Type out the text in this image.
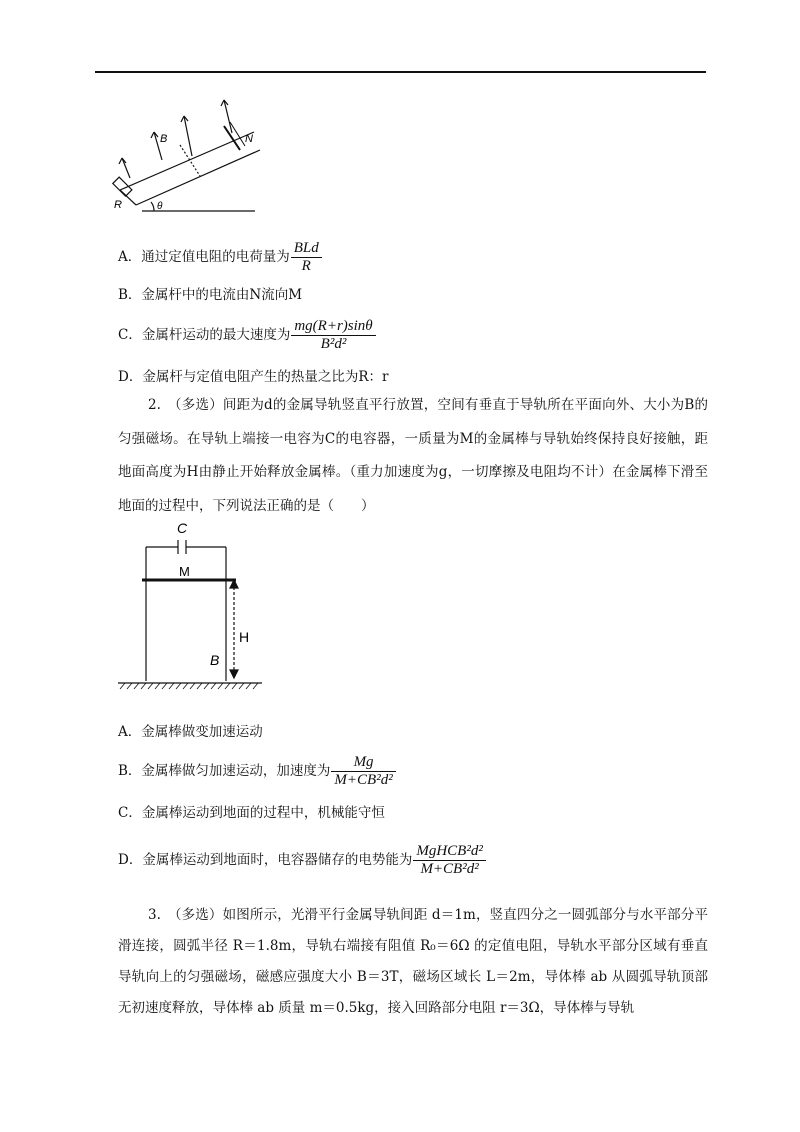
B	N
R	θ
A．通过定值电阻的电荷量为 $\frac{\text{BLd}}{R}$
B．金属杆中的电流由N流向M
C．金属杆运动的最大速度为 $\frac{mg(R+r)\sin\theta}{\text{B²d²}}$
D．金属杆与定值电阻产生的热量之比为R：r

2.　（多选）间距为d的金属导轨竖直平行放置，空间有垂直于导轨所在平面向外、大小为B的匀强磁场。在导轨上端接一电容为C的电容器，一质量为M的金属棒与导轨始终保持良好接触，距地面高度为H由静止开始释放金属棒。（重力加速度为g，一切摩擦及电阻均不计）在金属棒下滑至地面的过程中，下列说法正确的是（　　）

C
M
H
B
A．金属棒做变加速运动
B．金属棒做匀加速运动，加速度为 $\frac{Mg}{\text{M+CB²d²}}$
C．金属棒运动到地面的过程中，机械能守恒
D．金属棒运动到地面时，电容器储存的电势能为 $\frac{\text{MgHCB²d²}}{\text{M+CB²d²}}$

3.　（多选）如图所示，光滑平行金属导轨间距 d＝1m，竖直四分之一圆弧部分与水平部分平滑连接，圆弧半径 R＝1.8m，导轨右端接有阻值 R₀＝6Ω 的定值电阻，导轨水平部分区域有垂直导轨向上的匀强磁场，磁感应强度大小 B＝3T，磁场区域长 L＝2m，导体棒 ab 从圆弧导轨顶部无初速度释放，导体棒 ab 质量 m＝0.5kg，接入回路部分电阻 r＝3Ω，导体棒与导轨
